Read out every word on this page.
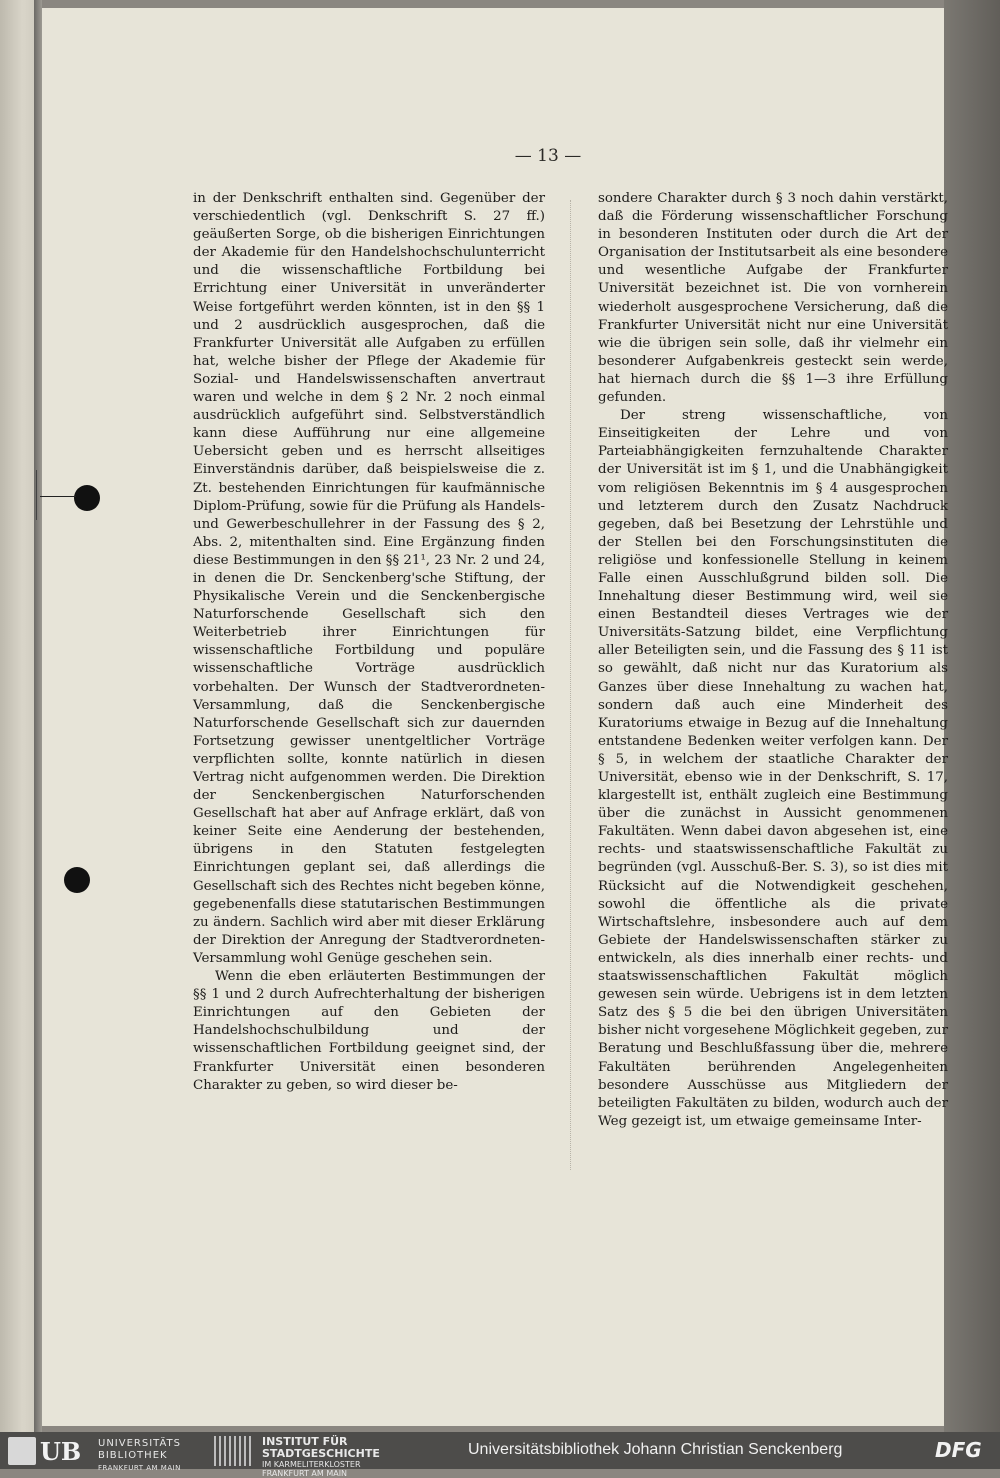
— 13 —

in der Denkschrift enthalten sind. Gegenüber der verschiedentlich (vgl. Denkschrift S. 27 ff.) geäußerten Sorge, ob die bisherigen Einrichtungen der Akademie für den Handelshochschulunterricht und die wissenschaftliche Fortbildung bei Errichtung einer Universität in unveränderter Weise fortgeführt werden könnten, ist in den §§ 1 und 2 ausdrücklich ausgesprochen, daß die Frankfurter Universität alle Aufgaben zu erfüllen hat, welche bisher der Pflege der Akademie für Sozial- und Handelswissenschaften anvertraut waren und welche in dem § 2 Nr. 2 noch einmal ausdrücklich aufgeführt sind. Selbstverständlich kann diese Aufführung nur eine allgemeine Uebersicht geben und es herrscht allseitiges Einverständnis darüber, daß beispielsweise die z. Zt. bestehenden Einrichtungen für kaufmännische Diplom-Prüfung, sowie für die Prüfung als Handels- und Gewerbeschullehrer in der Fassung des § 2, Abs. 2, mitenthalten sind. Eine Ergänzung finden diese Bestimmungen in den §§ 21¹, 23 Nr. 2 und 24, in denen die Dr. Senckenberg'sche Stiftung, der Physikalische Verein und die Senckenbergische Naturforschende Gesellschaft sich den Weiterbetrieb ihrer Einrichtungen für wissenschaftliche Fortbildung und populäre wissenschaftliche Vorträge ausdrücklich vorbehalten. Der Wunsch der Stadtverordneten-Versammlung, daß die Senckenbergische Naturforschende Gesellschaft sich zur dauernden Fortsetzung gewisser unentgeltlicher Vorträge verpflichten sollte, konnte natürlich in diesen Vertrag nicht aufgenommen werden. Die Direktion der Senckenbergischen Naturforschenden Gesellschaft hat aber auf Anfrage erklärt, daß von keiner Seite eine Aenderung der bestehenden, übrigens in den Statuten festgelegten Einrichtungen geplant sei, daß allerdings die Gesellschaft sich des Rechtes nicht begeben könne, gegebenenfalls diese statutarischen Bestimmungen zu ändern. Sachlich wird aber mit dieser Erklärung der Direktion der Anregung der Stadtverordneten-Versammlung wohl Genüge geschehen sein.

Wenn die eben erläuterten Bestimmungen der §§ 1 und 2 durch Aufrechterhaltung der bisherigen Einrichtungen auf den Gebieten der Handelshochschulbildung und der wissenschaftlichen Fortbildung geeignet sind, der Frankfurter Universität einen besonderen Charakter zu geben, so wird dieser be-

sondere Charakter durch § 3 noch dahin verstärkt, daß die Förderung wissenschaftlicher Forschung in besonderen Instituten oder durch die Art der Organisation der Institutsarbeit als eine besondere und wesentliche Aufgabe der Frankfurter Universität bezeichnet ist. Die von vornherein wiederholt ausgesprochene Versicherung, daß die Frankfurter Universität nicht nur eine Universität wie die übrigen sein solle, daß ihr vielmehr ein besonderer Aufgabenkreis gesteckt sein werde, hat hiernach durch die §§ 1—3 ihre Erfüllung gefunden.

Der streng wissenschaftliche, von Einseitigkeiten der Lehre und von Parteiabhängigkeiten fernzuhaltende Charakter der Universität ist im § 1, und die Unabhängigkeit vom religiösen Bekenntnis im § 4 ausgesprochen und letzterem durch den Zusatz Nachdruck gegeben, daß bei Besetzung der Lehrstühle und der Stellen bei den Forschungsinstituten die religiöse und konfessionelle Stellung in keinem Falle einen Ausschlußgrund bilden soll. Die Innehaltung dieser Bestimmung wird, weil sie einen Bestandteil dieses Vertrages wie der Universitäts-Satzung bildet, eine Verpflichtung aller Beteiligten sein, und die Fassung des § 11 ist so gewählt, daß nicht nur das Kuratorium als Ganzes über diese Innehaltung zu wachen hat, sondern daß auch eine Minderheit des Kuratoriums etwaige in Bezug auf die Innehaltung entstandene Bedenken weiter verfolgen kann. Der § 5, in welchem der staatliche Charakter der Universität, ebenso wie in der Denkschrift, S. 17, klargestellt ist, enthält zugleich eine Bestimmung über die zunächst in Aussicht genommenen Fakultäten. Wenn dabei davon abgesehen ist, eine rechts- und staatswissenschaftliche Fakultät zu begründen (vgl. Ausschuß-Ber. S. 3), so ist dies mit Rücksicht auf die Notwendigkeit geschehen, sowohl die öffentliche als die private Wirtschaftslehre, insbesondere auch auf dem Gebiete der Handelswissenschaften stärker zu entwickeln, als dies innerhalb einer rechts- und staatswissenschaftlichen Fakultät möglich gewesen sein würde. Uebrigens ist in dem letzten Satz des § 5 die bei den übrigen Universitäten bisher nicht vorgesehene Möglichkeit gegeben, zur Beratung und Beschlußfassung über die, mehrere Fakultäten berührenden Angelegenheiten besondere Ausschüsse aus Mitgliedern der beteiligten Fakultäten zu bilden, wodurch auch der Weg gezeigt ist, um etwaige gemeinsame Inter-

UB UNIVERSITÄTS
BIBLIOTHEK
FRANKFURT AM MAIN
INSTITUT FÜR
STADTGESCHICHTE
IM KARMELITERKLOSTER
FRANKFURT AM MAIN
Universitätsbibliothek Johann Christian Senckenberg	DFG
